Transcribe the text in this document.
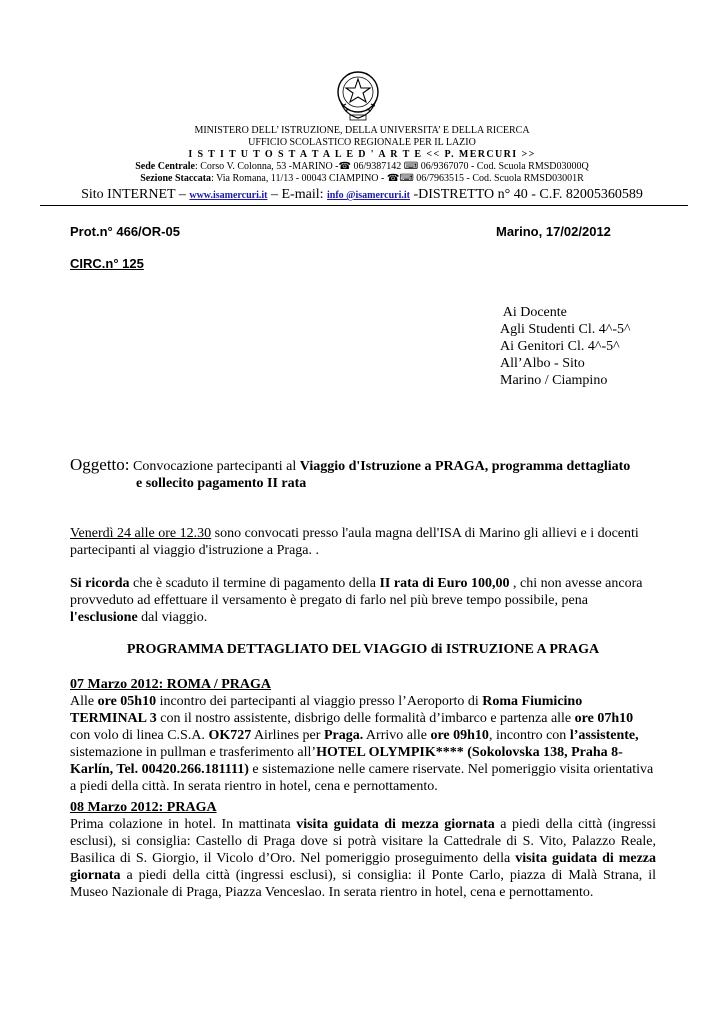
MINISTERO DELL’ ISTRUZIONE, DELLA UNIVERSITA’ E DELLA RICERCA
UFFICIO SCOLASTICO REGIONALE PER IL LAZIO
I S T I T U T O S T A T A L E D ' A R T E << P. MERCURI >>
Sede Centrale: Corso V. Colonna, 53 -MARINO -☎ 06/9387142 ⌨ 06/9367070 - Cod. Scuola RMSD03000Q
Sezione Staccata: Via Romana, 11/13 - 00043 CIAMPINO - ☎⌨ 06/7963515 - Cod. Scuola RMSD03001R
Sito INTERNET – www.isamercuri.it – E-mail: info @isamercuri.it -DISTRETTO n° 40 - C.F. 82005360589
Prot.n° 466/OR-05	Marino, 17/02/2012
CIRC.n° 125
Ai Docente
Agli Studenti Cl. 4^-5^
Ai Genitori Cl. 4^-5^
All’Albo - Sito
Marino / Ciampino
Oggetto: Convocazione partecipanti al Viaggio d'Istruzione a PRAGA, programma dettagliato
e sollecito pagamento II rata
Venerdì 24 alle ore 12.30 sono convocati presso l'aula magna dell'ISA di Marino gli allievi e i docenti partecipanti al viaggio d'istruzione a Praga. .
Si ricorda che è scaduto il termine di pagamento della II rata di Euro 100,00 , chi non avesse ancora provveduto ad effettuare il versamento è pregato di farlo nel più breve tempo possibile, pena l'esclusione dal viaggio.
PROGRAMMA DETTAGLIATO DEL VIAGGIO di ISTRUZIONE A PRAGA
07 Marzo 2012: ROMA / PRAGA
Alle ore 05h10 incontro dei partecipanti al viaggio presso l’Aeroporto di Roma Fiumicino TERMINAL 3 con il nostro assistente, disbrigo delle formalità d’imbarco e partenza alle ore 07h10 con volo di linea C.S.A. OK727 Airlines per Praga. Arrivo alle ore 09h10, incontro con l’assistente, sistemazione in pullman e trasferimento all’HOTEL OLYMPIK**** (Sokolovska 138, Praha 8-Karlín, Tel. 00420.266.181111) e sistemazione nelle camere riservate. Nel pomeriggio visita orientativa a piedi della città. In serata rientro in hotel, cena e pernottamento.
08 Marzo 2012: PRAGA
Prima colazione in hotel. In mattinata visita guidata di mezza giornata a piedi della città (ingressi esclusi), si consiglia: Castello di Praga dove si potrà visitare la Cattedrale di S. Vito, Palazzo Reale, Basilica di S. Giorgio, il Vicolo d’Oro. Nel pomeriggio proseguimento della visita guidata di mezza giornata a piedi della città (ingressi esclusi), si consiglia: il Ponte Carlo, piazza di Malà Strana, il Museo Nazionale di Praga, Piazza Venceslao. In serata rientro in hotel, cena e pernottamento.
